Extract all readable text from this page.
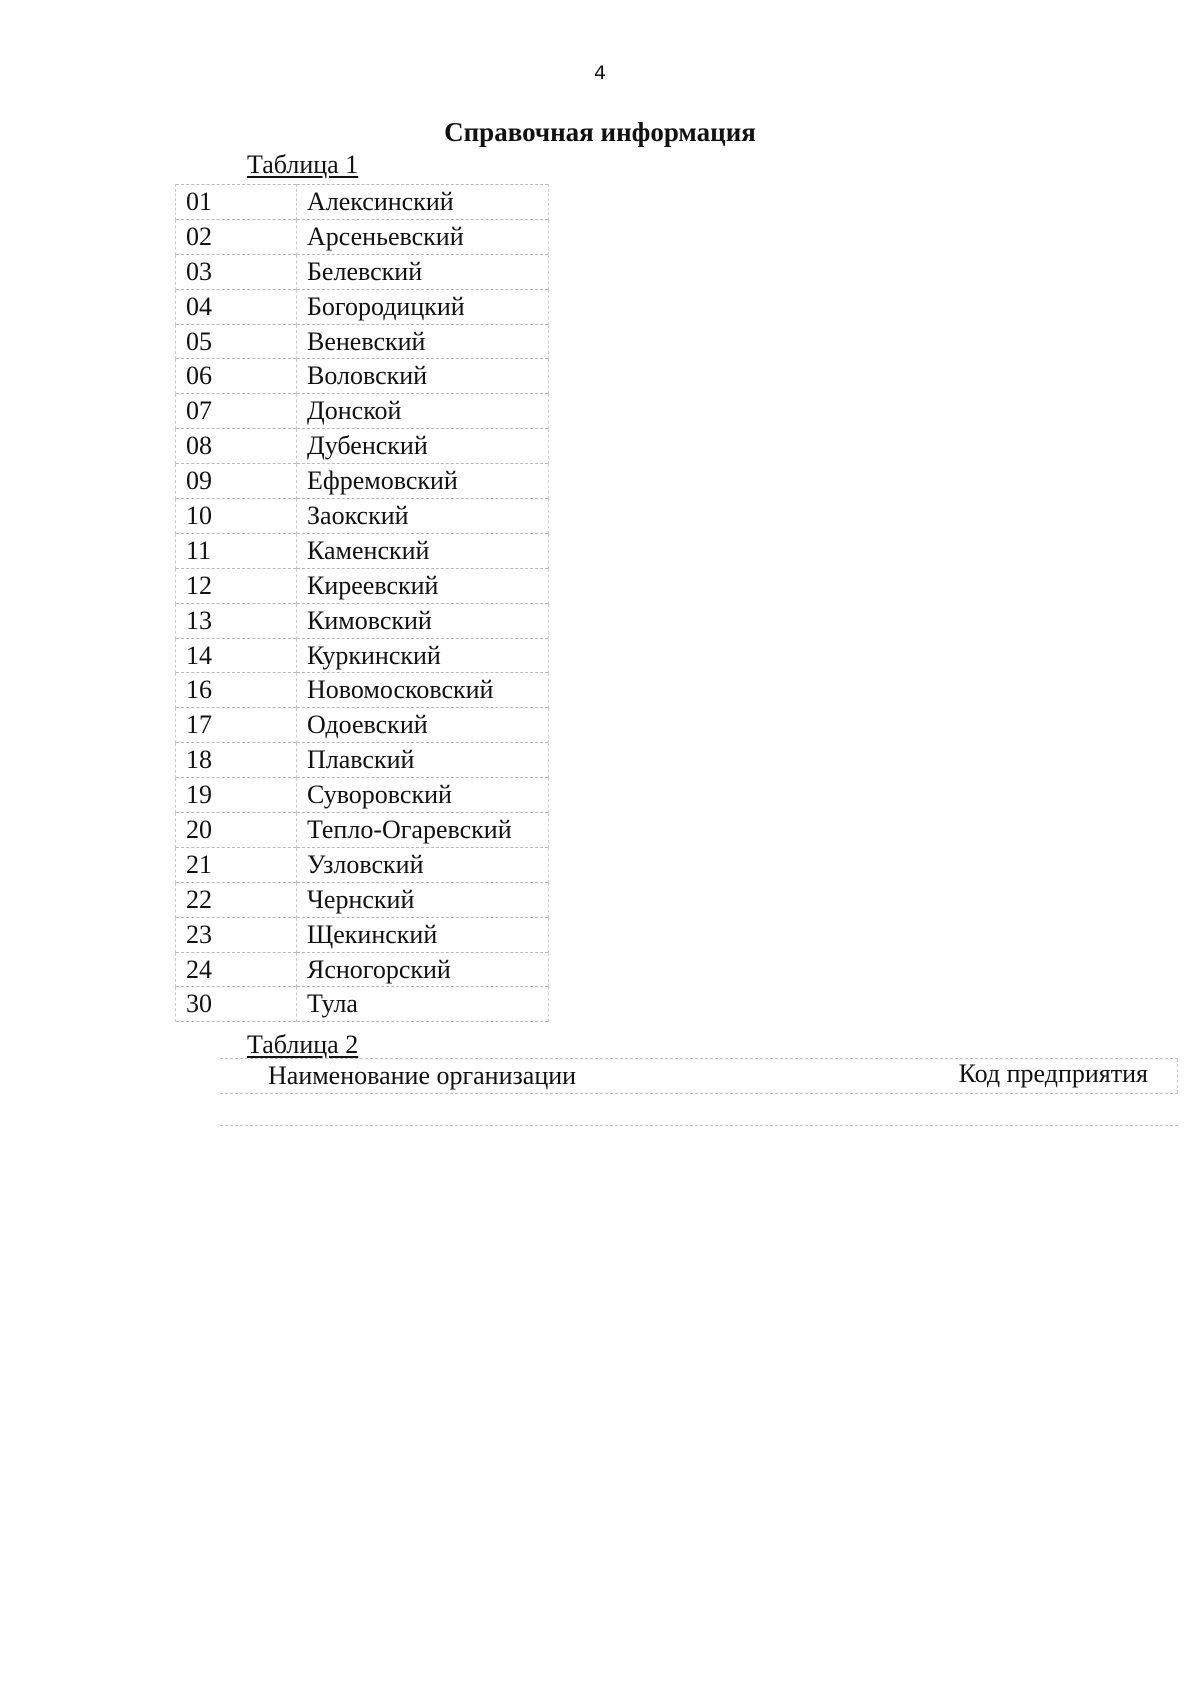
4
Справочная информация
Таблица 1
01	Алексинский
02	Арсеньевский
03	Белевский
04	Богородицкий
05	Веневский
06	Воловский
07	Донской
08	Дубенский
09	Ефремовский
10	Заокский
11	Каменский
12	Киреевский
13	Кимовский
14	Куркинский
16	Новомосковский
17	Одоевский
18	Плавский
19	Суворовский
20	Тепло-Огаревский
21	Узловский
22	Чернский
23	Щекинский
24	Ясногорский
30	Тула
Таблица 2
Наименование организации	Код предприятия
